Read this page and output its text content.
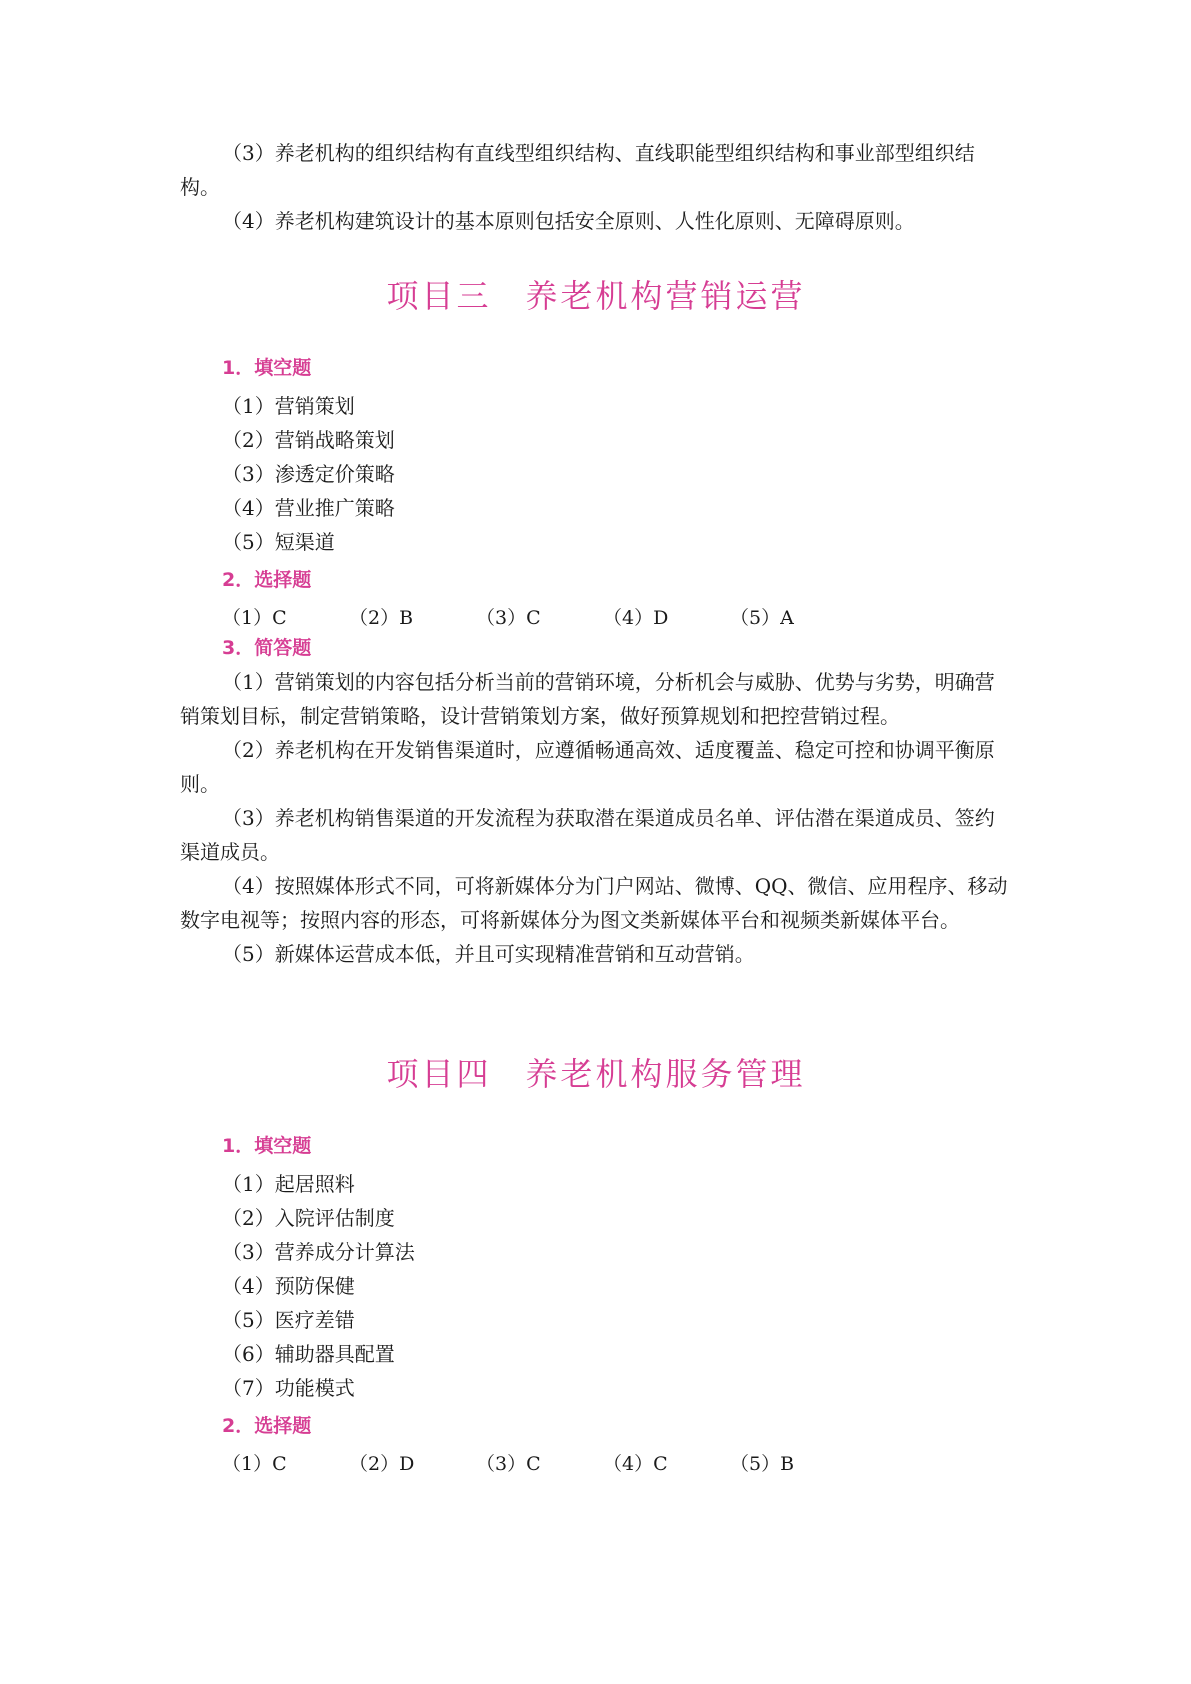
（3）养老机构的组织结构有直线型组织结构、直线职能型组织结构和事业部型组织结构。

（4）养老机构建筑设计的基本原则包括安全原则、人性化原则、无障碍原则。

项目三 养老机构营销运营
1．填空题

（1）营销策划

（2）营销战略策划

（3）渗透定价策略

（4）营业推广策略

（5）短渠道

2．选择题
（1）C	（2）B	（3）C	（4）D	（5）A
3．简答题

（1）营销策划的内容包括分析当前的营销环境，分析机会与威胁、优势与劣势，明确营销策划目标，制定营销策略，设计营销策划方案，做好预算规划和把控营销过程。

（2）养老机构在开发销售渠道时，应遵循畅通高效、适度覆盖、稳定可控和协调平衡原则。

（3）养老机构销售渠道的开发流程为获取潜在渠道成员名单、评估潜在渠道成员、签约渠道成员。

（4）按照媒体形式不同，可将新媒体分为门户网站、微博、QQ、微信、应用程序、移动数字电视等；按照内容的形态，可将新媒体分为图文类新媒体平台和视频类新媒体平台。

（5）新媒体运营成本低，并且可实现精准营销和互动营销。

项目四 养老机构服务管理
1．填空题

（1）起居照料

（2）入院评估制度

（3）营养成分计算法

（4）预防保健

（5）医疗差错

（6）辅助器具配置

（7）功能模式

2．选择题
（1）C	（2）D	（3）C	（4）C	（5）B
